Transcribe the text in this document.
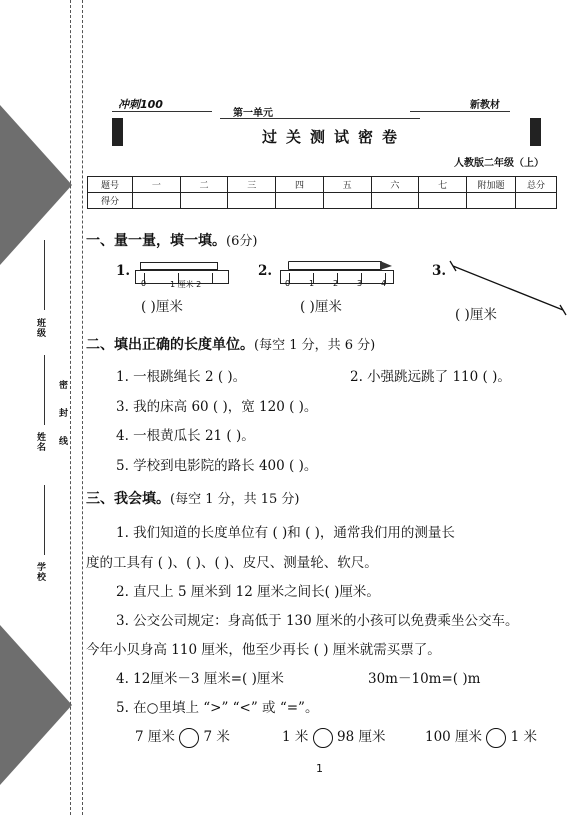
班级
密 封 线
姓名
学校
冲刺100
第一单元
过关测试密卷
新教材
人教版二年级（上）
题号	一	二	三	四	五	六	七	附加题	总分
得分									
一、量一量，填一填。(6分)
1.
0	1 厘米 2
( )厘米
2.
0 1 2 3 4
( )厘米
3.
( )厘米
二、填出正确的长度单位。(每空 1 分，共 6 分)
1. 一根跳绳长 2 ( )。	2. 小强跳远跳了 110 ( )。
3. 我的床高 60 ( )，宽 120 ( )。
4. 一根黄瓜长 21 ( )。
5. 学校到电影院的路长 400 ( )。
三、我会填。(每空 1 分，共 15 分)
1. 我们知道的长度单位有 ( )和 ( )，通常我们用的测量长
度的工具有 ( )、( )、( )、皮尺、测量轮、软尺。
2. 直尺上 5 厘米到 12 厘米之间长( )厘米。
3. 公交公司规定：身高低于 130 厘米的小孩可以免费乘坐公交车。
今年小贝身高 110 厘米，他至少再长 ( ) 厘米就需买票了。
4. 12厘米－3 厘米=( )厘米	30m－10m=( )m
5. 在○里填上 “>” “<” 或 “=”。
7 厘米 7 米	1 米 98 厘米	100 厘米 1 米
1
